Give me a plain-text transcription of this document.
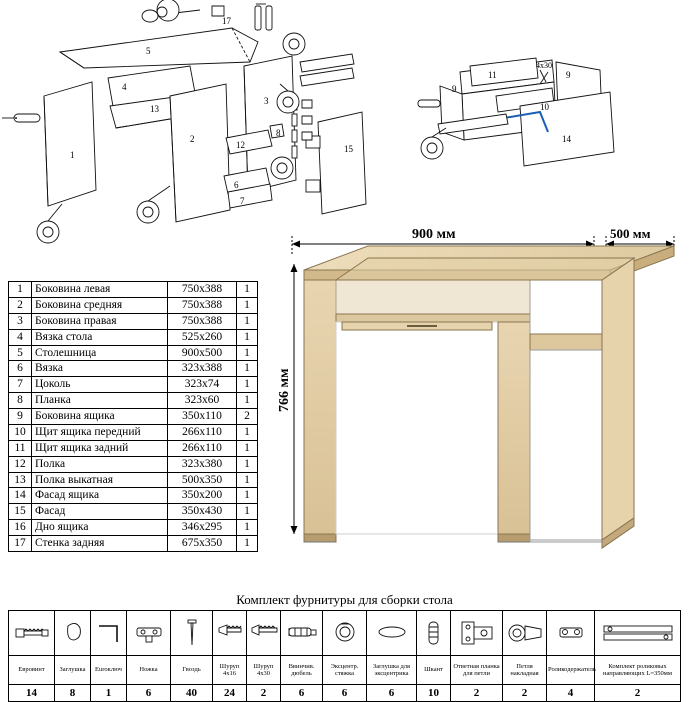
17
5
4
13
3
1
2
12
6
7
8
15
11	9
9
10
14
4x30
1	Боковина левая	750x388	1
2	Боковина средняя	750x388	1
3	Боковина правая	750x388	1
4	Вязка стола	525x260	1
5	Столешница	900x500	1
6	Вязка	323x388	1
7	Цоколь	323x74	1
8	Планка	323x60	1
9	Боковина ящика	350x110	2
10	Щит ящика передний	266x110	1
11	Щит ящика задний	266x110	1
12	Полка	323x380	1
13	Полка выкатная	500x350	1
14	Фасад ящика	350x200	1
15	Фасад	350x430	1
16	Дно ящика	346x295	1
17	Стенка задняя	675x350	1
900 мм	500 мм
766 мм
Комплект фурнитуры для сборки стола

Евровинт	Заглушка	Euroключ	Ножка	Гвоздь	Шуруп 4x16	Шуруп 4x30	Ввинчив. дюбель	Эксцентр. стяжка	Заглушка для эксцентрика	Шкант	Ответная планка для петли	Петля накладная	Роликодержатель	Комплект роликовых направляющих L=350мм
14	8	1	6	40	24	2	6	6	6	10	2	2	4	2
